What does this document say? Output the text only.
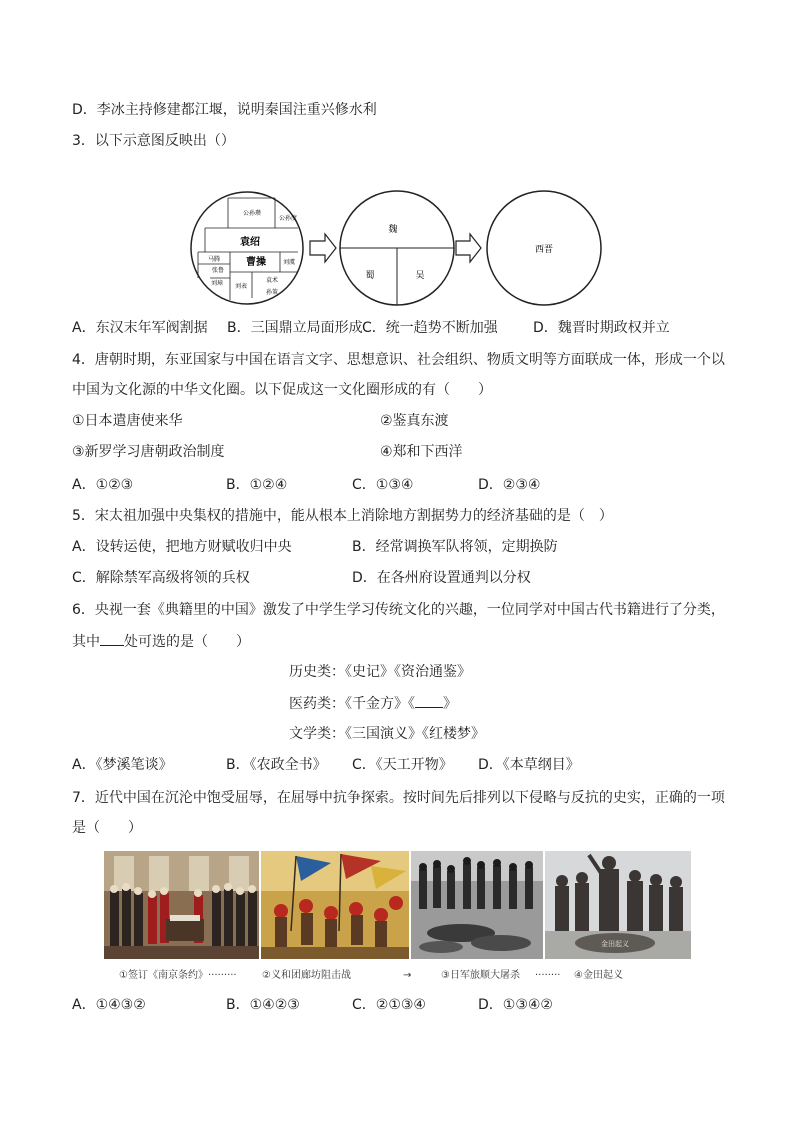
D．李冰主持修建都江堰，说明秦国注重兴修水利
3．以下示意图反映出（）
公孙瓒
公孙度
袁绍
曹操	刘虞
马腾
张鲁
刘璋 刘表
袁术
孙策
魏
蜀	吴
西晋
A．东汉末年军阀割据 B．三国鼎立局面形成 C．统一趋势不断加强	D．魏晋时期政权并立
4．唐朝时期，东亚国家与中国在语言文字、思想意识、社会组织、物质文明等方面联成一体，形成一个以
中国为文化源的中华文化圈。以下促成这一文化圈形成的有（　　）
①日本遣唐使来华	②鉴真东渡
③新罗学习唐朝政治制度	④郑和下西洋
A．①②③	B．①②④	C．①③④	D．②③④
5．宋太祖加强中央集权的措施中，能从根本上消除地方割据势力的经济基础的是（　）
A．设转运使，把地方财赋收归中央	B．经常调换军队将领，定期换防
C．解除禁军高级将领的兵权	D．在各州府设置通判以分权
6．央视一套《典籍里的中国》激发了中学生学习传统文化的兴趣，一位同学对中国古代书籍进行了分类，
其中 处可选的是（　　）
历史类：《史记》《资治通鉴》
医药类：《千金方》《 》
文学类：《三国演义》《红楼梦》
A．《梦溪笔谈》	B．《农政全书》 C．《天工开物》 D．《本草纲目》
7．近代中国在沉沦中饱受屈辱，在屈辱中抗争探索。按时间先后排列以下侵略与反抗的史实，正确的一项
是（　　）
金田起义
①签订《南京条约》 ·········	②义和团廊坊阻击战	→	③日军旅顺大屠杀 ········ ④金田起义
A．①④③②	B．①④②③	C．②①③④	D．①③④②
